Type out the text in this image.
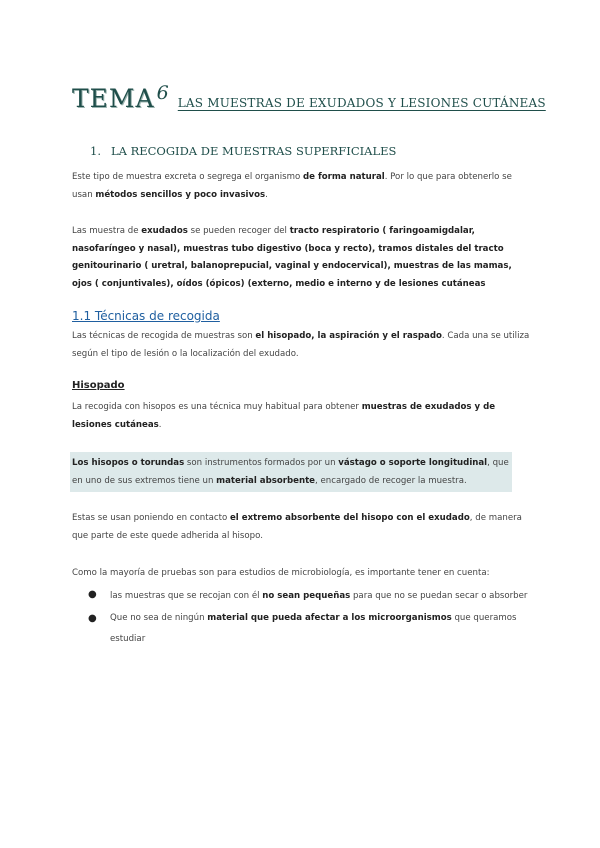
TEMA 6 LAS MUESTRAS DE EXUDADOS Y LESIONES CUTÁNEAS
1. LA RECOGIDA DE MUESTRAS SUPERFICIALES
Este tipo de muestra excreta o segrega el organismo de forma natural. Por lo que para obtenerlo se usan métodos sencillos y poco invasivos.
Las muestra de exudados se pueden recoger del tracto respiratorio ( faringoamigdalar, nasofaríngeo y nasal), muestras tubo digestivo (boca y recto), tramos distales del tracto genitourinario ( uretral, balanoprepucial, vaginal y endocervical), muestras de las mamas, ojos ( conjuntivales), oídos (ópicos) (externo, medio e interno y de lesiones cutáneas
1.1 Técnicas de recogida
Las técnicas de recogida de muestras son el hisopado, la aspiración y el raspado. Cada una se utiliza según el tipo de lesión o la localización del exudado.
Hisopado
La recogida con hisopos es una técnica muy habitual para obtener muestras de exudados y de lesiones cutáneas.
Los hisopos o torundas son instrumentos formados por un vástago o soporte longitudinal, que en uno de sus extremos tiene un material absorbente, encargado de recoger la muestra.
Estas se usan poniendo en contacto el extremo absorbente del hisopo con el exudado, de manera que parte de este quede adherida al hisopo.
Como la mayoría de pruebas son para estudios de microbiología, es importante tener en cuenta:
● las muestras que se recojan con él no sean pequeñas para que no se puedan secar o absorber
● Que no sea de ningún material que pueda afectar a los microorganismos que queramos estudiar
